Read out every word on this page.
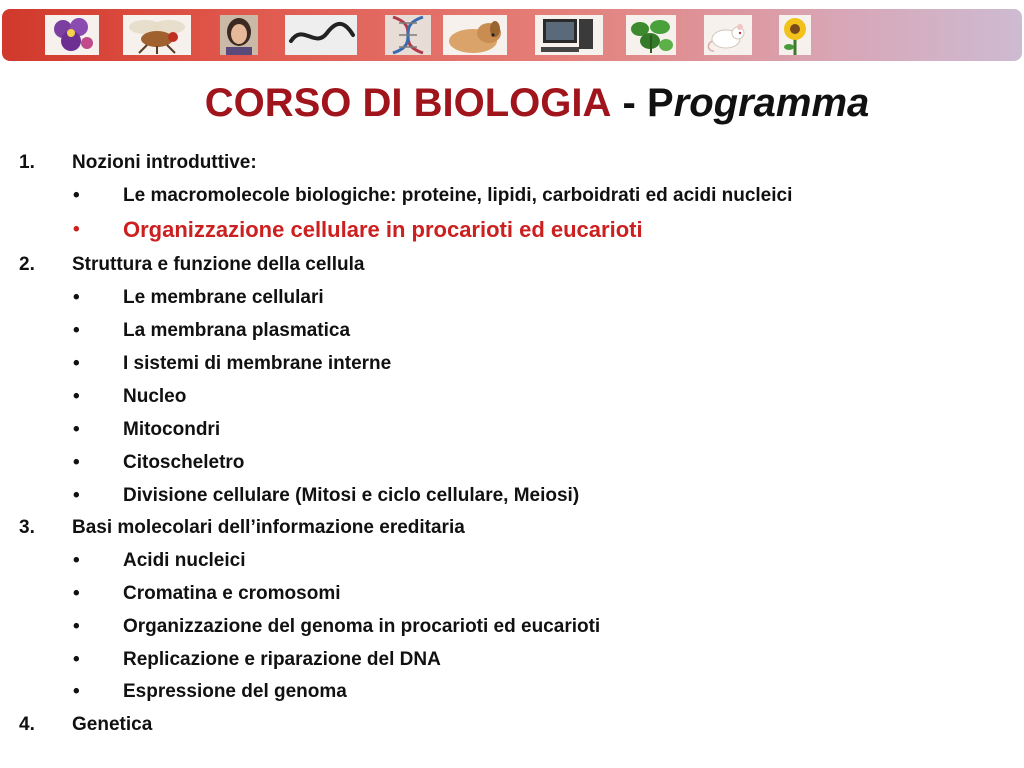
CORSO DI BIOLOGIA - Programma
1. Nozioni introduttive:
• Le macromolecole biologiche: proteine, lipidi, carboidrati ed acidi nucleici
• Organizzazione cellulare in procarioti ed eucarioti
2. Struttura e funzione della cellula
• Le membrane cellulari
• La membrana plasmatica
• I sistemi di membrane interne
• Nucleo
• Mitocondri
• Citoscheletro
• Divisione cellulare (Mitosi e ciclo cellulare, Meiosi)
3. Basi molecolari dell’informazione ereditaria
• Acidi nucleici
• Cromatina e cromosomi
• Organizzazione del genoma in procarioti ed eucarioti
• Replicazione e riparazione del DNA
• Espressione del genoma
4. Genetica
